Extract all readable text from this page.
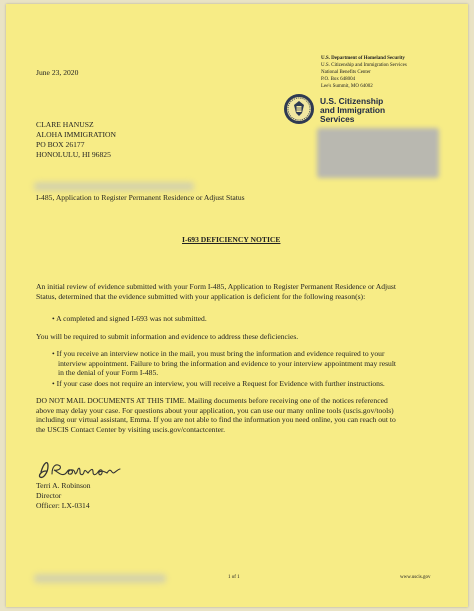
June 23, 2020
U.S. Department of Homeland Security
U.S. Citizenship and Immigration Services
National Benefits Center
P.O. Box 648004
Lee's Summit, MO 64002
U.S. Citizenship
and Immigration
Services
CLARE HANUSZ
ALOHA IMMIGRATION
PO BOX 26177
HONOLULU, HI 96825
I-485, Application to Register Permanent Residence or Adjust Status
I-693 DEFICIENCY NOTICE
An initial review of evidence submitted with your Form I-485, Application to Register Permanent Residence or Adjust
Status, determined that the evidence submitted with your application is deficient for the following reason(s):
• A completed and signed I-693 was not submitted.
You will be required to submit information and evidence to address these deficiencies.
• If you receive an interview notice in the mail, you must bring the information and evidence required to your
interview appointment. Failure to bring the information and evidence to your interview appointment may result
in the denial of your Form I-485.
• If your case does not require an interview, you will receive a Request for Evidence with further instructions.
DO NOT MAIL DOCUMENTS AT THIS TIME. Mailing documents before receiving one of the notices referenced
above may delay your case. For questions about your application, you can use our many online tools (uscis.gov/tools)
including our virtual assistant, Emma. If you are not able to find the information you need online, you can reach out to
the USCIS Contact Center by visiting uscis.gov/contactcenter.
Terri A. Robinson
Director
Officer: LX-0314
1 of 1	www.uscis.gov
